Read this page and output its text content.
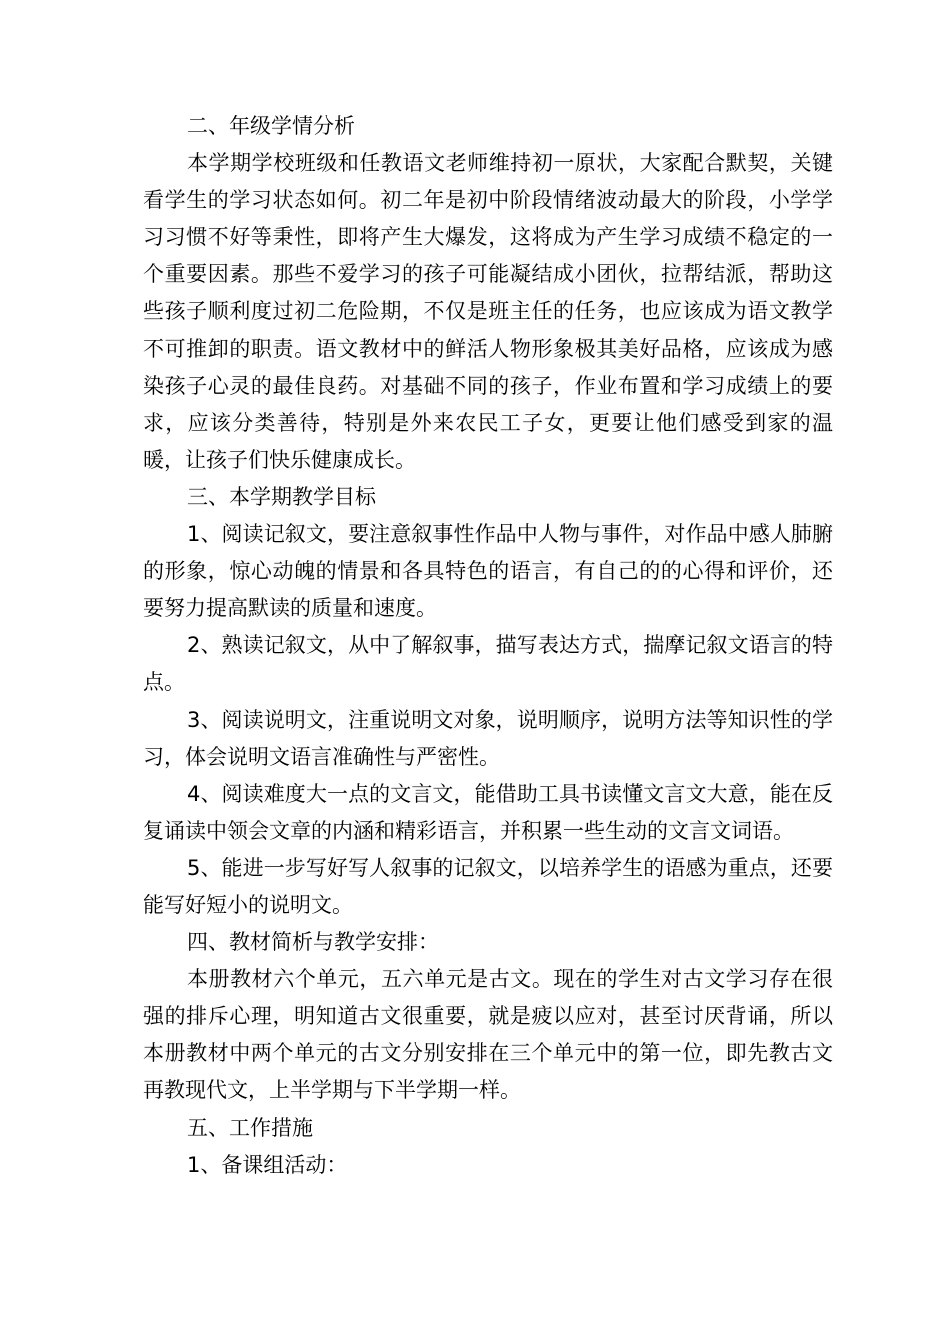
二、年级学情分析

本学期学校班级和任教语文老师维持初一原状，大家配合默契，关键看学生的学习状态如何。初二年是初中阶段情绪波动最大的阶段，小学学习习惯不好等秉性，即将产生大爆发，这将成为产生学习成绩不稳定的一个重要因素。那些不爱学习的孩子可能凝结成小团伙，拉帮结派，帮助这些孩子顺利度过初二危险期，不仅是班主任的任务，也应该成为语文教学不可推卸的职责。语文教材中的鲜活人物形象极其美好品格，应该成为感染孩子心灵的最佳良药。对基础不同的孩子，作业布置和学习成绩上的要求，应该分类善待，特别是外来农民工子女，更要让他们感受到家的温暖，让孩子们快乐健康成长。

三、本学期教学目标

1、阅读记叙文，要注意叙事性作品中人物与事件，对作品中感人肺腑的形象，惊心动魄的情景和各具特色的语言，有自己的的心得和评价，还要努力提高默读的质量和速度。

2、熟读记叙文，从中了解叙事，描写表达方式，揣摩记叙文语言的特点。

3、阅读说明文，注重说明文对象，说明顺序，说明方法等知识性的学习，体会说明文语言准确性与严密性。

4、阅读难度大一点的文言文，能借助工具书读懂文言文大意，能在反复诵读中领会文章的内涵和精彩语言，并积累一些生动的文言文词语。

5、能进一步写好写人叙事的记叙文，以培养学生的语感为重点，还要能写好短小的说明文。

四、教材简析与教学安排：

本册教材六个单元，五六单元是古文。现在的学生对古文学习存在很强的排斥心理，明知道古文很重要，就是疲以应对，甚至讨厌背诵，所以本册教材中两个单元的古文分别安排在三个单元中的第一位，即先教古文再教现代文，上半学期与下半学期一样。

五、工作措施

1、备课组活动：
